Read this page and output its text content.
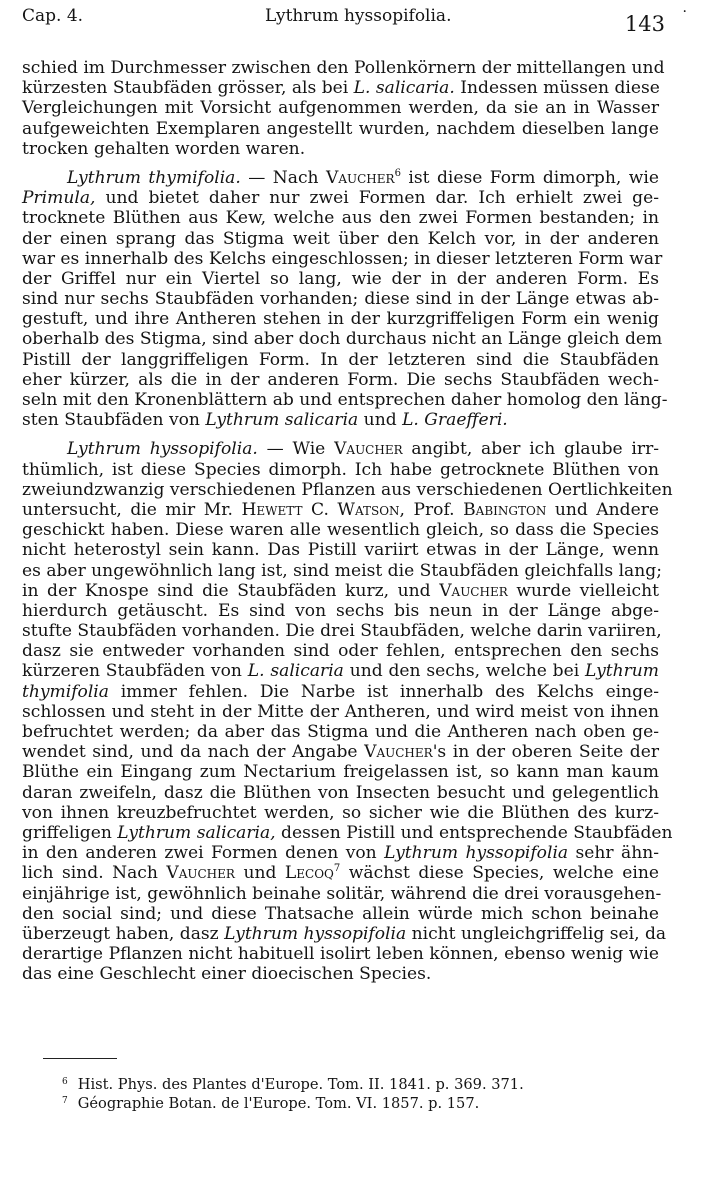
Cap. 4.	Lythrum hyssopifolia.	143 ·
schied im Durchmesser zwischen den Pollenkörnern der mittellangen und
kürzesten Staubfäden grösser, als bei L. salicaria. Indessen müssen diese
Vergleichungen mit Vorsicht aufgenommen werden, da sie an in Wasser
aufgeweichten Exemplaren angestellt wurden, nachdem dieselben lange
trocken gehalten worden waren.
Lythrum thymifolia. — Nach Vaucher$^6$ ist diese Form dimorph, wie
Primula, und bietet daher nur zwei Formen dar. Ich erhielt zwei ge-
trocknete Blüthen aus Kew, welche aus den zwei Formen bestanden; in
der einen sprang das Stigma weit über den Kelch vor, in der anderen
war es innerhalb des Kelchs eingeschlossen; in dieser letzteren Form war
der Griffel nur ein Viertel so lang, wie der in der anderen Form. Es
sind nur sechs Staubfäden vorhanden; diese sind in der Länge etwas ab-
gestuft, und ihre Antheren stehen in der kurzgriffeligen Form ein wenig
oberhalb des Stigma, sind aber doch durchaus nicht an Länge gleich dem
Pistill der langgriffeligen Form. In der letzteren sind die Staubfäden
eher kürzer, als die in der anderen Form. Die sechs Staubfäden wech-
seln mit den Kronenblättern ab und entsprechen daher homolog den läng-
sten Staubfäden von Lythrum salicaria und L. Graefferi.
Lythrum hyssopifolia. — Wie Vaucher angibt, aber ich glaube irr-
thümlich, ist diese Species dimorph. Ich habe getrocknete Blüthen von
zweiundzwanzig verschiedenen Pflanzen aus verschiedenen Oertlichkeiten
untersucht, die mir Mr. Hewett C. Watson, Prof. Babington und Andere
geschickt haben. Diese waren alle wesentlich gleich, so dass die Species
nicht heterostyl sein kann. Das Pistill variirt etwas in der Länge, wenn
es aber ungewöhnlich lang ist, sind meist die Staubfäden gleichfalls lang;
in der Knospe sind die Staubfäden kurz, und Vaucher wurde vielleicht
hierdurch getäuscht. Es sind von sechs bis neun in der Länge abge-
stufte Staubfäden vorhanden. Die drei Staubfäden, welche darin variiren,
dasz sie entweder vorhanden sind oder fehlen, entsprechen den sechs
kürzeren Staubfäden von L. salicaria und den sechs, welche bei Lythrum
thymifolia immer fehlen. Die Narbe ist innerhalb des Kelchs einge-
schlossen und steht in der Mitte der Antheren, und wird meist von ihnen
befruchtet werden; da aber das Stigma und die Antheren nach oben ge-
wendet sind, und da nach der Angabe Vaucher's in der oberen Seite der
Blüthe ein Eingang zum Nectarium freigelassen ist, so kann man kaum
daran zweifeln, dasz die Blüthen von Insecten besucht und gelegentlich
von ihnen kreuzbefruchtet werden, so sicher wie die Blüthen des kurz-
griffeligen Lythrum salicaria, dessen Pistill und entsprechende Staubfäden
in den anderen zwei Formen denen von Lythrum hyssopifolia sehr ähn-
lich sind. Nach Vaucher und Lecoq$^7$ wächst diese Species, welche eine
einjährige ist, gewöhnlich beinahe solitär, während die drei vorausgehen-
den social sind; und diese Thatsache allein würde mich schon beinahe
überzeugt haben, dasz Lythrum hyssopifolia nicht ungleichgriffelig sei, da
derartige Pflanzen nicht habituell isolirt leben können, ebenso wenig wie
das eine Geschlecht einer dioecischen Species.
$^6$ Hist. Phys. des Plantes d'Europe. Tom. II. 1841. p. 369. 371.
$^7$ Géographie Botan. de l'Europe. Tom. VI. 1857. p. 157.
